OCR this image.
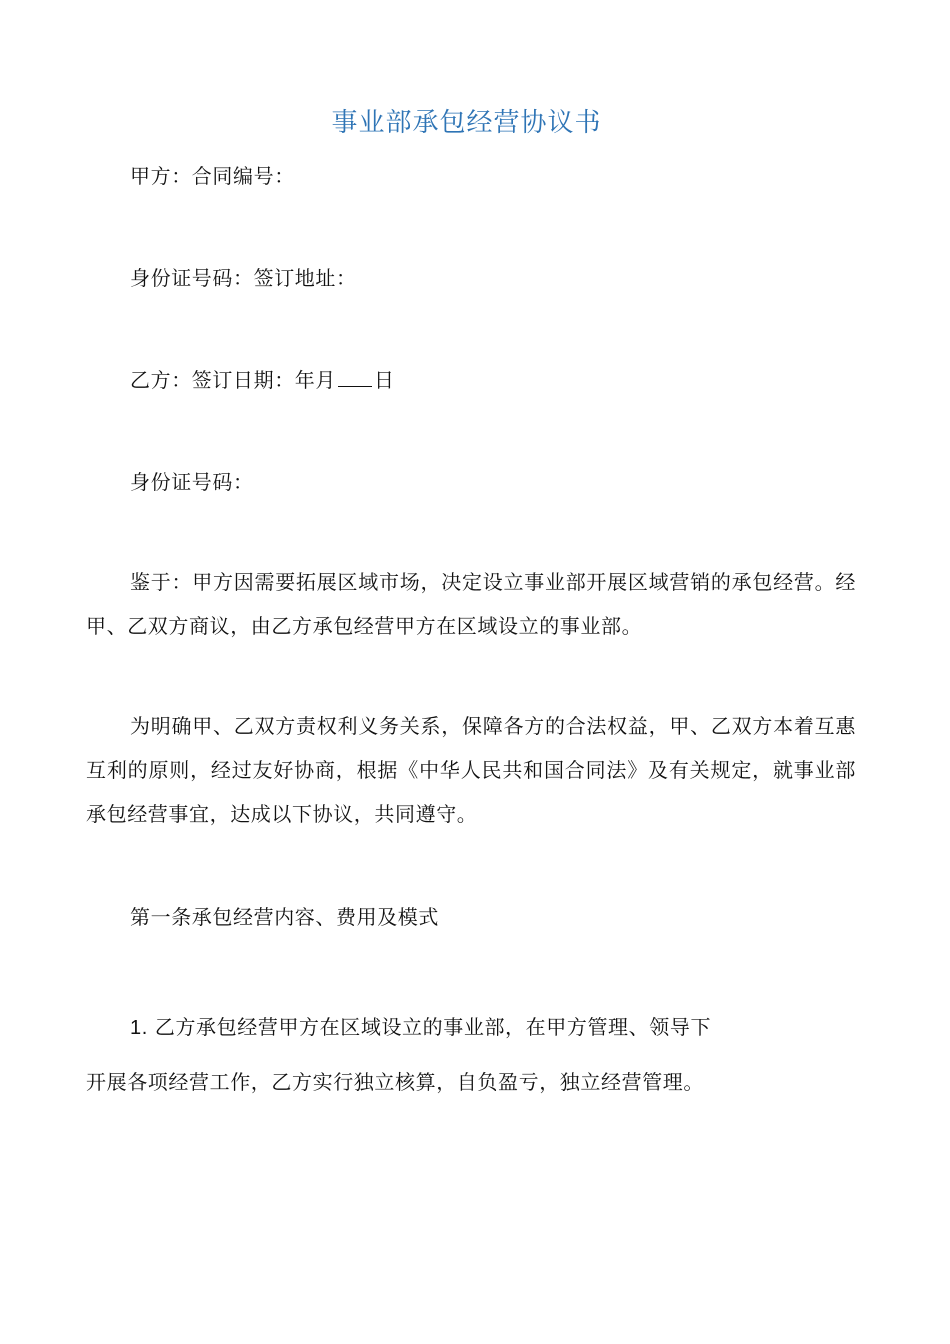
事业部承包经营协议书
甲方：合同编号：
身份证号码：签订地址：
乙方：签订日期：年月 日
身份证号码：
鉴于：甲方因需要拓展区域市场，决定设立事业部开展区域营销的承包经营。经甲、乙双方商议，由乙方承包经营甲方在区域设立的事业部。
为明确甲、乙双方责权利义务关系，保障各方的合法权益，甲、乙双方本着互惠互利的原则，经过友好协商，根据《中华人民共和国合同法》及有关规定，就事业部承包经营事宜，达成以下协议，共同遵守。
第一条承包经营内容、费用及模式
1. 乙方承包经营甲方在区域设立的事业部，在甲方管理、领导下
开展各项经营工作，乙方实行独立核算，自负盈亏，独立经营管理。
